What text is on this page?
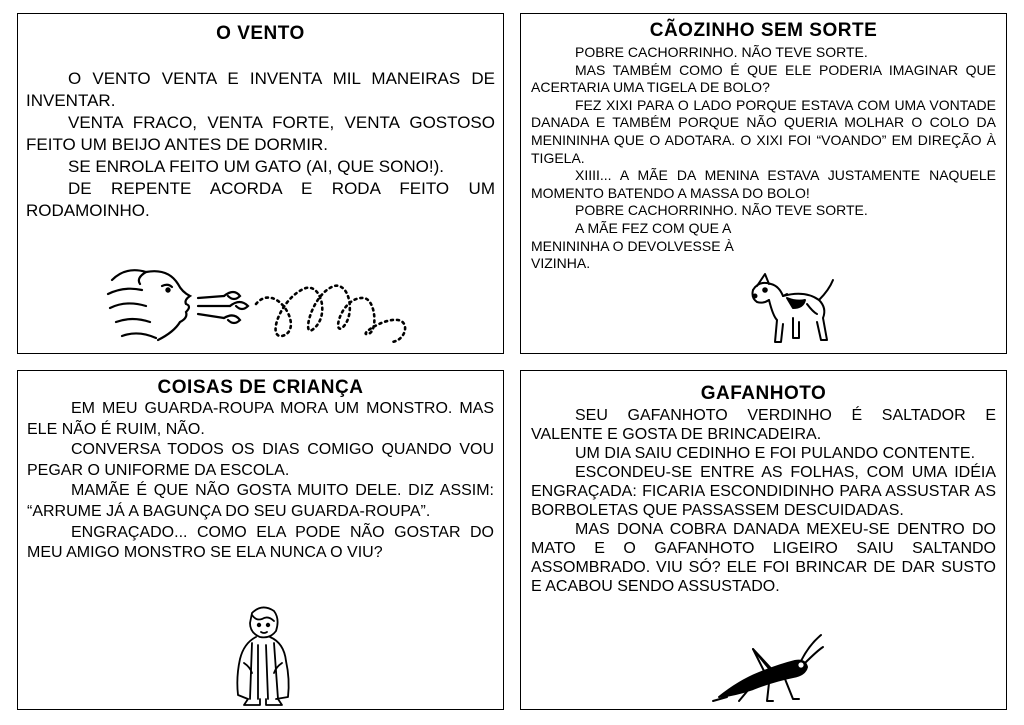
O VENTO

O VENTO VENTA E INVENTA MIL MANEIRAS DE INVENTAR.

VENTA FRACO, VENTA FORTE, VENTA GOSTOSO FEITO UM BEIJO ANTES DE DORMIR.

SE ENROLA FEITO UM GATO (AI, QUE SONO!).

DE REPENTE ACORDA E RODA FEITO UM RODAMOINHO.

CÃOZINHO SEM SORTE

POBRE CACHORRINHO. NÃO TEVE SORTE.

MAS TAMBÉM COMO É QUE ELE PODERIA IMAGINAR QUE ACERTARIA UMA TIGELA DE BOLO?

FEZ XIXI PARA O LADO PORQUE ESTAVA COM UMA VONTADE DANADA E TAMBÉM PORQUE NÃO QUERIA MOLHAR O COLO DA MENININHA QUE O ADOTARA. O XIXI FOI “VOANDO” EM DIREÇÃO À TIGELA.

XIIII... A MÃE DA MENINA ESTAVA JUSTAMENTE NAQUELE MOMENTO BATENDO A MASSA DO BOLO!

POBRE CACHORRINHO. NÃO TEVE SORTE.

A MÃE FEZ COM QUE A MENININHA O DEVOLVESSE À VIZINHA.

COISAS DE CRIANÇA

EM MEU GUARDA-ROUPA MORA UM MONSTRO. MAS ELE NÃO É RUIM, NÃO.

CONVERSA TODOS OS DIAS COMIGO QUANDO VOU PEGAR O UNIFORME DA ESCOLA.

MAMÃE É QUE NÃO GOSTA MUITO DELE. DIZ ASSIM: “ARRUME JÁ A BAGUNÇA DO SEU GUARDA-ROUPA”.

ENGRAÇADO... COMO ELA PODE NÃO GOSTAR DO MEU AMIGO MONSTRO SE ELA NUNCA O VIU?

GAFANHOTO

SEU GAFANHOTO VERDINHO É SALTADOR E VALENTE E GOSTA DE BRINCADEIRA.

UM DIA SAIU CEDINHO E FOI PULANDO CONTENTE.

ESCONDEU-SE ENTRE AS FOLHAS, COM UMA IDÉIA ENGRAÇADA: FICARIA ESCONDIDINHO PARA ASSUSTAR AS BORBOLETAS QUE PASSASSEM DESCUIDADAS.

MAS DONA COBRA DANADA MEXEU-SE DENTRO DO MATO E O GAFANHOTO LIGEIRO SAIU SALTANDO ASSOMBRADO. VIU SÓ? ELE FOI BRINCAR DE DAR SUSTO E ACABOU SENDO ASSUSTADO.
